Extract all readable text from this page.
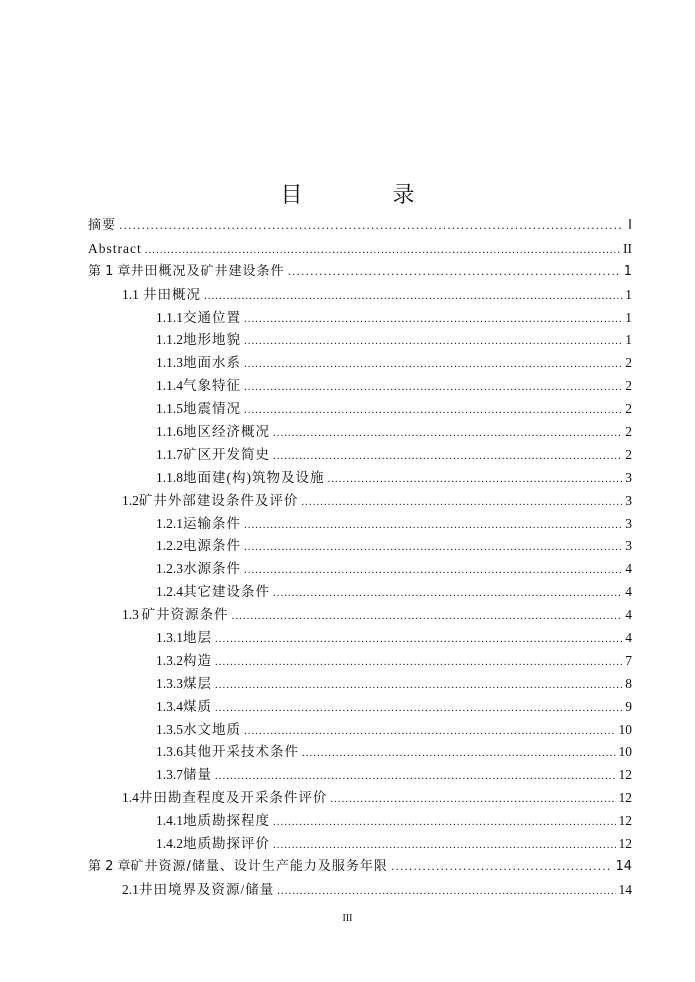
目　录
摘要 .....	I
Abstract .....	II
第 1 章 井田概况及矿井建设条件 .....	1
1.1 井田概况 .....	1
1.1.1 交通位置 .....	1
1.1.2 地形地貌 .....	1
1.1.3 地面水系 .....	2
1.1.4 气象特征 .....	2
1.1.5 地震情况 .....	2
1.1.6 地区经济概况 .....	2
1.1.7 矿区开发简史 .....	2
1.1.8 地面建(构)筑物及设施 .....	3
1.2 矿井外部建设条件及评价 .....	3
1.2.1 运输条件 .....	3
1.2.2 电源条件 .....	3
1.2.3 水源条件 .....	4
1.2.4 其它建设条件 .....	4
1.3 矿井资源条件 .....	4
1.3.1 地层 .....	4
1.3.2 构造 .....	7
1.3.3 煤层 .....	8
1.3.4 煤质 .....	9
1.3.5 水文地质 .....	10
1.3.6 其他开采技术条件 .....	10
1.3.7 储量 .....	12
1.4 井田勘查程度及开采条件评价 .....	12
1.4.1 地质勘探程度 .....	12
1.4.2 地质勘探评价 .....	12
第 2 章 矿井资源/储量、设计生产能力及服务年限 .....	14
2.1 井田境界及资源/储量 .....	14
III
